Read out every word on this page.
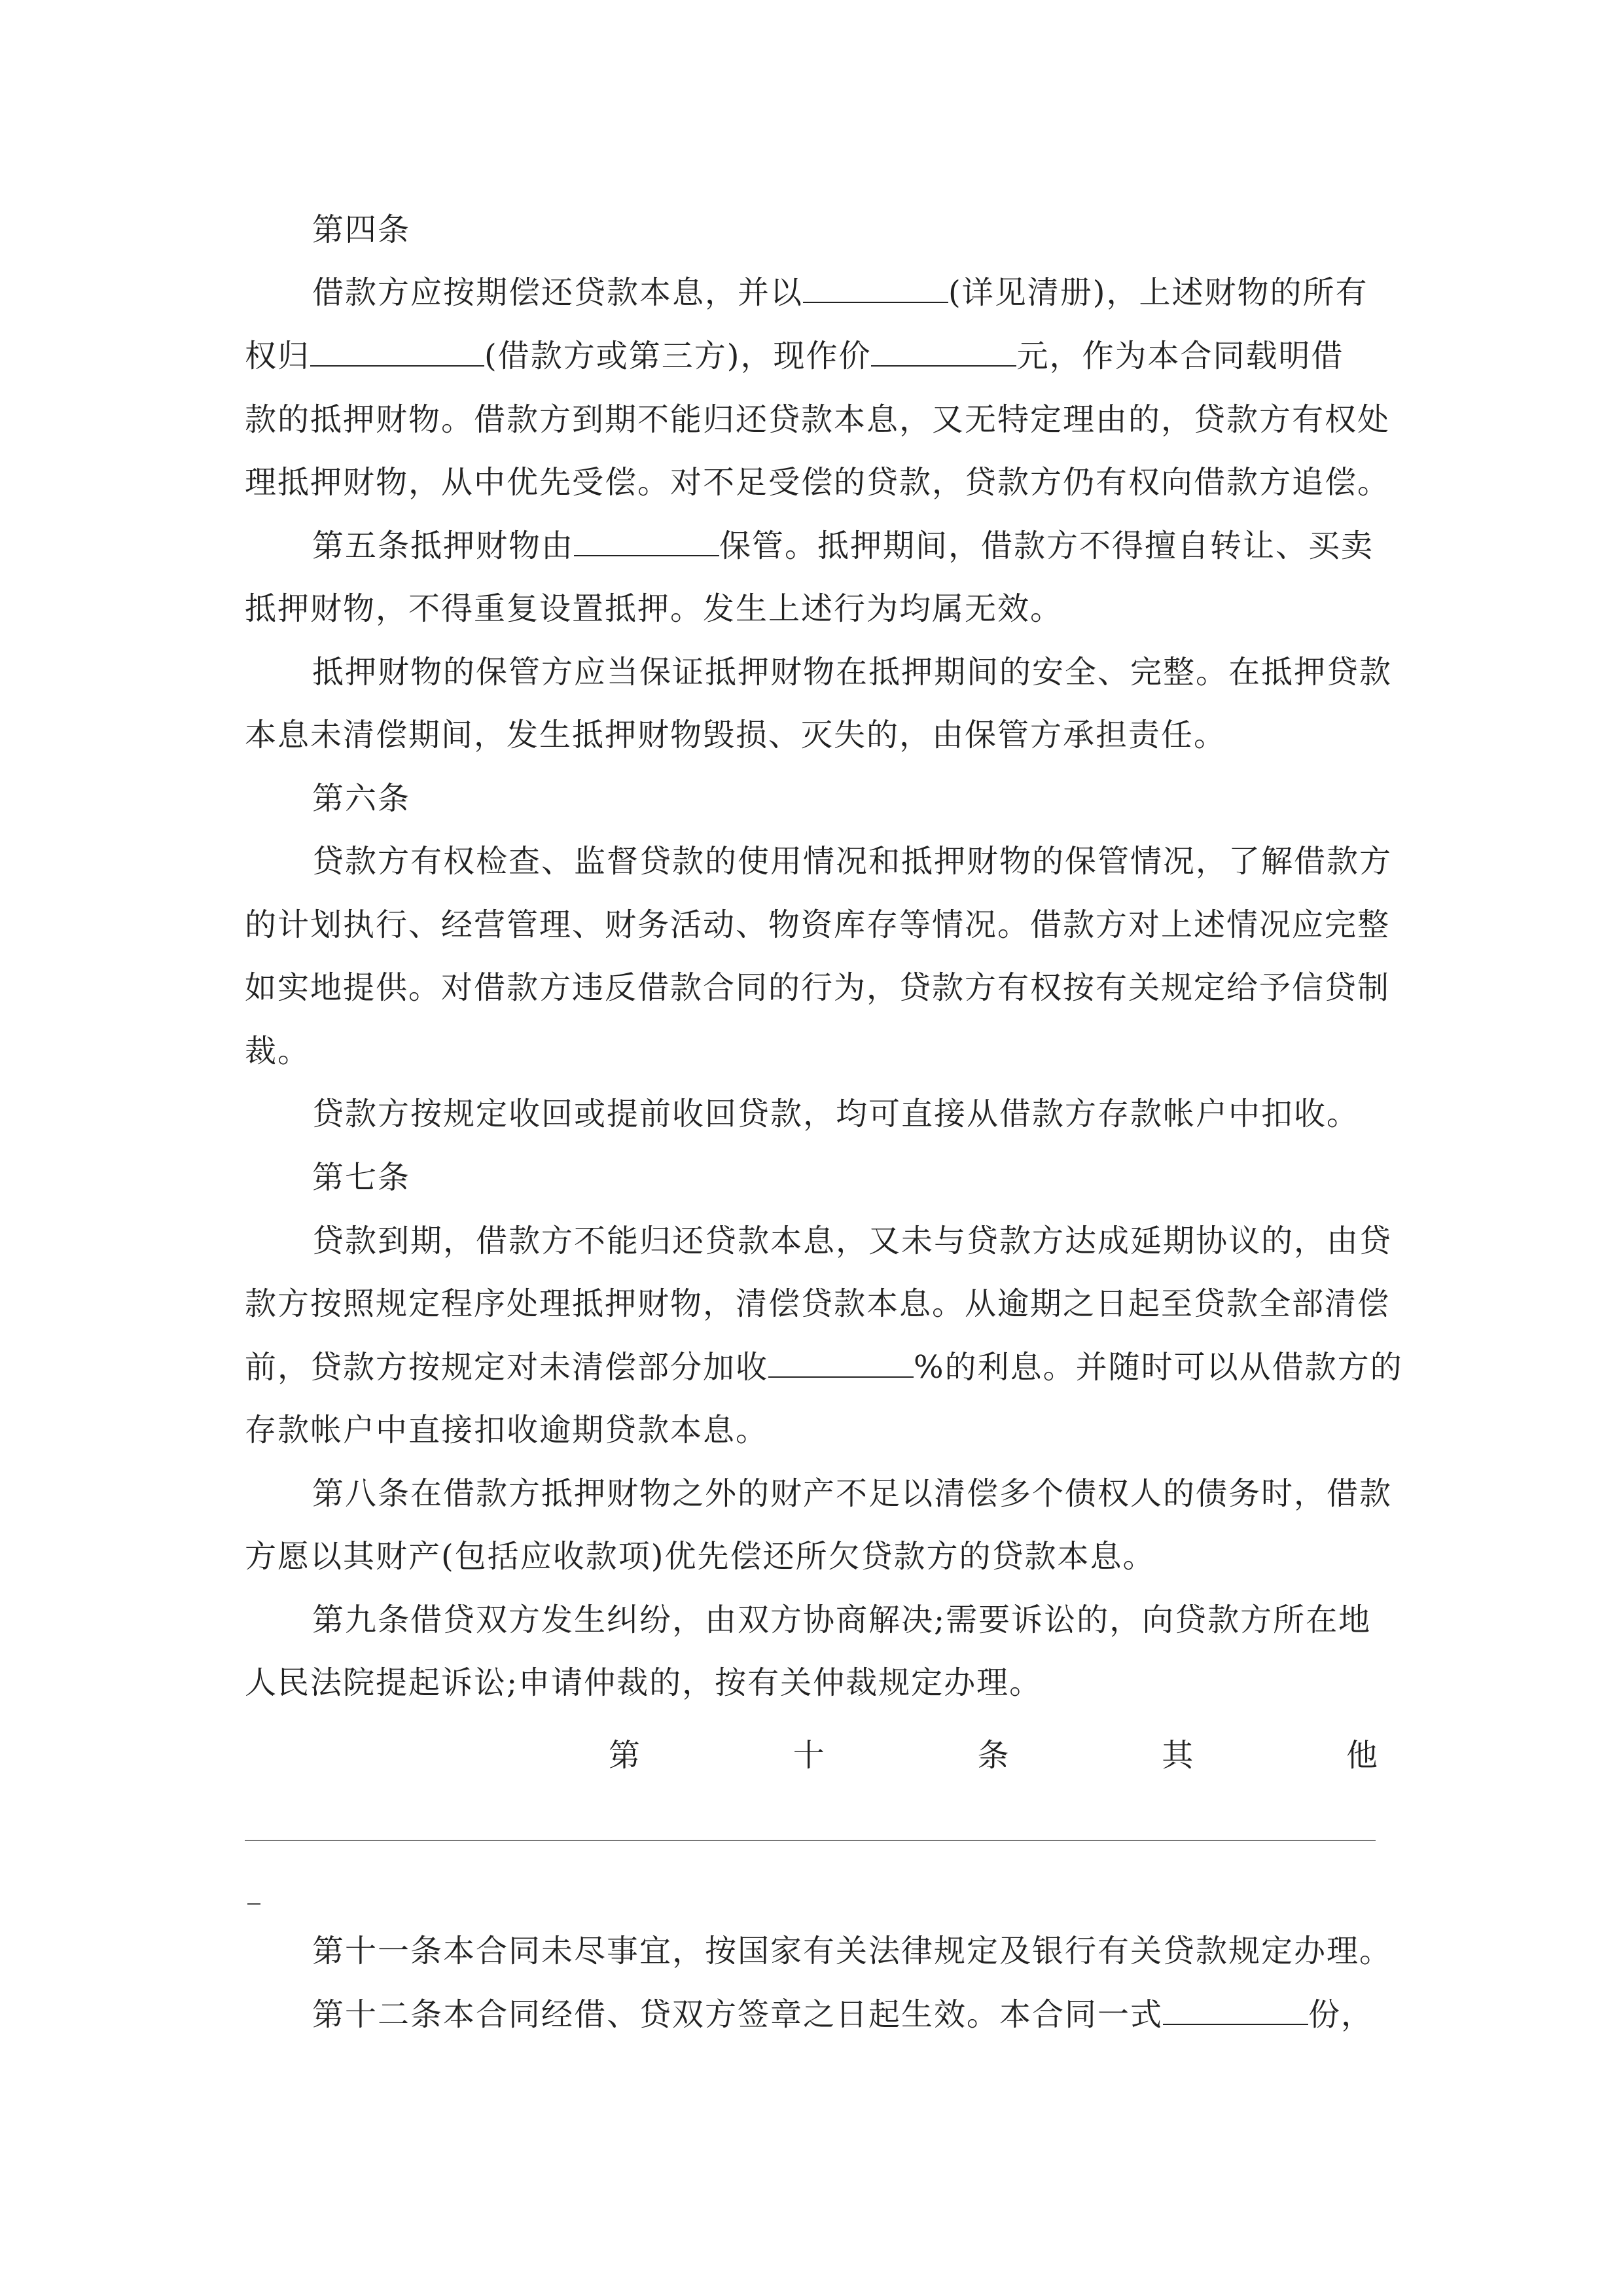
第四条

借款方应按期偿还贷款本息，并以	(详见清册)，上述财物的所有

权归	(借款方或第三方)，现作价	元，作为本合同载明借

款的抵押财物。借款方到期不能归还贷款本息，又无特定理由的，贷款方有权处

理抵押财物，从中优先受偿。对不足受偿的贷款，贷款方仍有权向借款方追偿。

第五条抵押财物由	保管。抵押期间，借款方不得擅自转让、买卖

抵押财物，不得重复设置抵押。发生上述行为均属无效。

抵押财物的保管方应当保证抵押财物在抵押期间的安全、完整。在抵押贷款

本息未清偿期间，发生抵押财物毁损、灭失的，由保管方承担责任。

第六条

贷款方有权检查、监督贷款的使用情况和抵押财物的保管情况，了解借款方

的计划执行、经营管理、财务活动、物资库存等情况。借款方对上述情况应完整

如实地提供。对借款方违反借款合同的行为，贷款方有权按有关规定给予信贷制

裁。

贷款方按规定收回或提前收回贷款，均可直接从借款方存款帐户中扣收。

第七条

贷款到期，借款方不能归还贷款本息，又未与贷款方达成延期协议的，由贷

款方按照规定程序处理抵押财物，清偿贷款本息。从逾期之日起至贷款全部清偿

前，贷款方按规定对未清偿部分加收	%的利息。并随时可以从借款方的

存款帐户中直接扣收逾期贷款本息。

第八条在借款方抵押财物之外的财产不足以清偿多个债权人的债务时，借款

方愿以其财产(包括应收款项)优先偿还所欠贷款方的贷款本息。

第九条借贷双方发生纠纷，由双方协商解决;需要诉讼的，向贷款方所在地

人民法院提起诉讼;申请仲裁的，按有关仲裁规定办理。

第	十	条	其	他

第十一条本合同未尽事宜，按国家有关法律规定及银行有关贷款规定办理。

第十二条本合同经借、贷双方签章之日起生效。本合同一式	份，
